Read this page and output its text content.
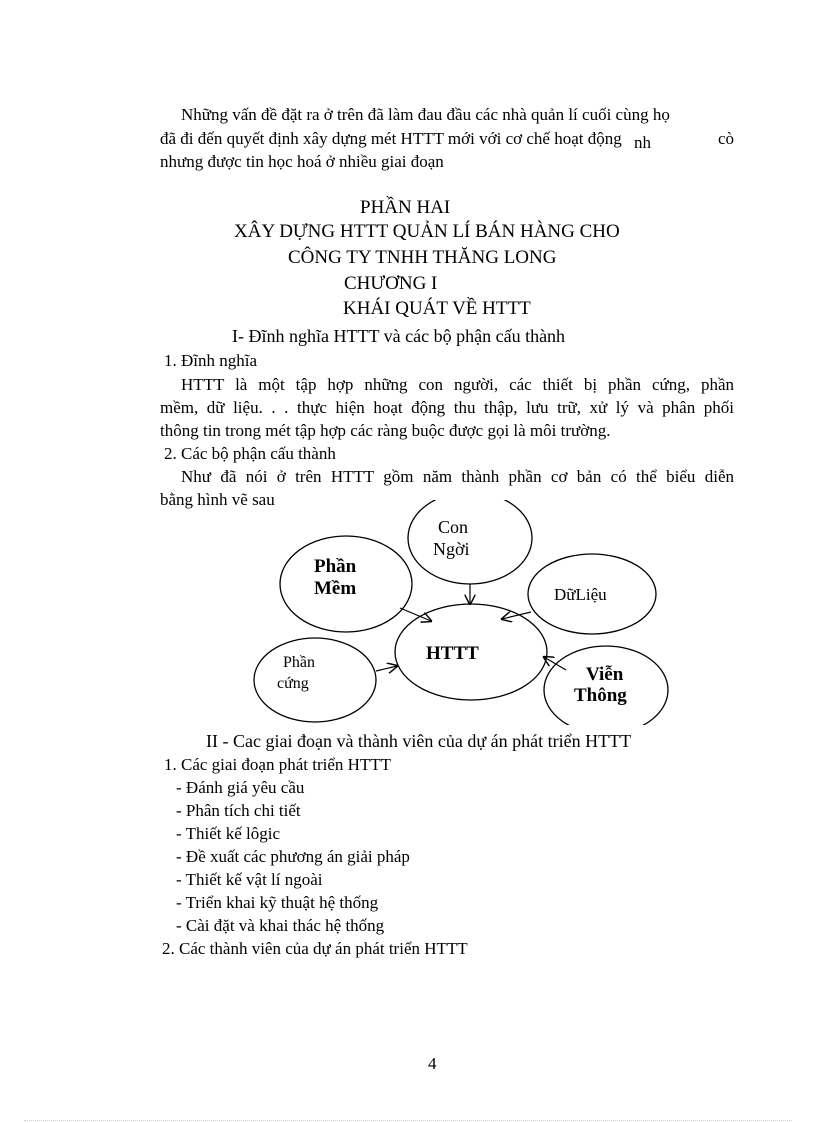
Những vấn đề đặt ra ở trên đã làm đau đầu các nhà quản lí cuối cùng họ
đã đi đến quyết định xây dựng mét HTTT mới với cơ chế hoạt động nh	cò
nhưng được tin học hoá ở nhiều giai đoạn
PHẦN HAI
XÂY DỰNG HTTT QUẢN LÍ BÁN HÀNG CHO
CÔNG TY TNHH THĂNG LONG
CHƯƠNG I
KHÁI QUÁT VỀ HTTT
I- Đĩnh nghĩa HTTT và các bộ phận cấu thành
1. Đĩnh nghĩa
HTTT là một tập hợp những con người, các thiết bị phần cứng, phần
mềm, dữ liệu. . . thực hiện hoạt động thu thập, lưu trữ, xử lý và phân phối
thông tin trong mét tập hợp các ràng buộc được gọi là môi trường.
2. Các bộ phận cấu thành
Như đã nói ở trên HTTT gồm năm thành phần cơ bản có thể biểu diễn
bằng hình vẽ sau
Con
Ngời
Phần
Mềm	DữLiệu
HTTT
Phần
cứng	Viễn
Thông
II - Cac giai đoạn và thành viên của dự án phát triển HTTT
1. Các giai đoạn phát triển HTTT
- Đánh giá yêu cầu
- Phân tích chi tiết
- Thiết kế lôgic
- Đề xuất các phương án giải pháp
- Thiết kế vật lí ngoài
- Triển khai kỹ thuật hệ thống
- Cài đặt và khai thác hệ thống
2. Các thành viên của dự án phát triển HTTT
4
